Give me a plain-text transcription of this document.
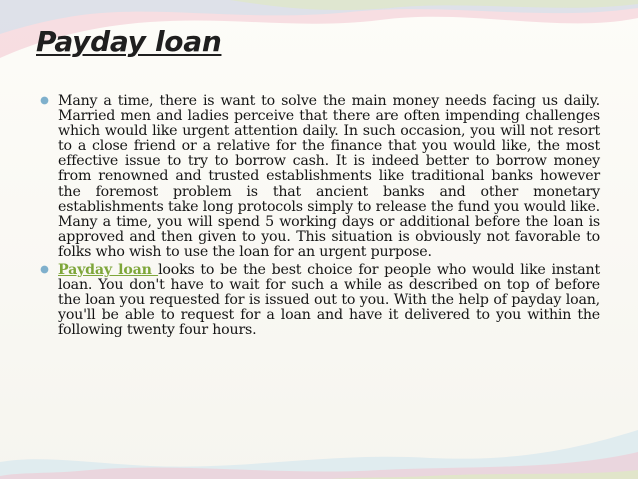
Payday loan
Many a time, there is want to solve the main money needs facing us daily. Married men and ladies perceive that there are often impending challenges which would like urgent attention daily. In such occasion, you will not resort to a close friend or a relative for the finance that you would like, the most effective issue to try to borrow cash. It is indeed better to borrow money from renowned and trusted establishments like traditional banks however the foremost problem is that ancient banks and other monetary establishments take long protocols simply to release the fund you would like. Many a time, you will spend 5 working days or additional before the loan is approved and then given to you. This situation is obviously not favorable to folks who wish to use the loan for an urgent purpose.
Payday loan looks to be the best choice for people who would like instant loan. You don't have to wait for such a while as described on top of before the loan you requested for is issued out to you. With the help of payday loan, you'll be able to request for a loan and have it delivered to you within the following twenty four hours.
